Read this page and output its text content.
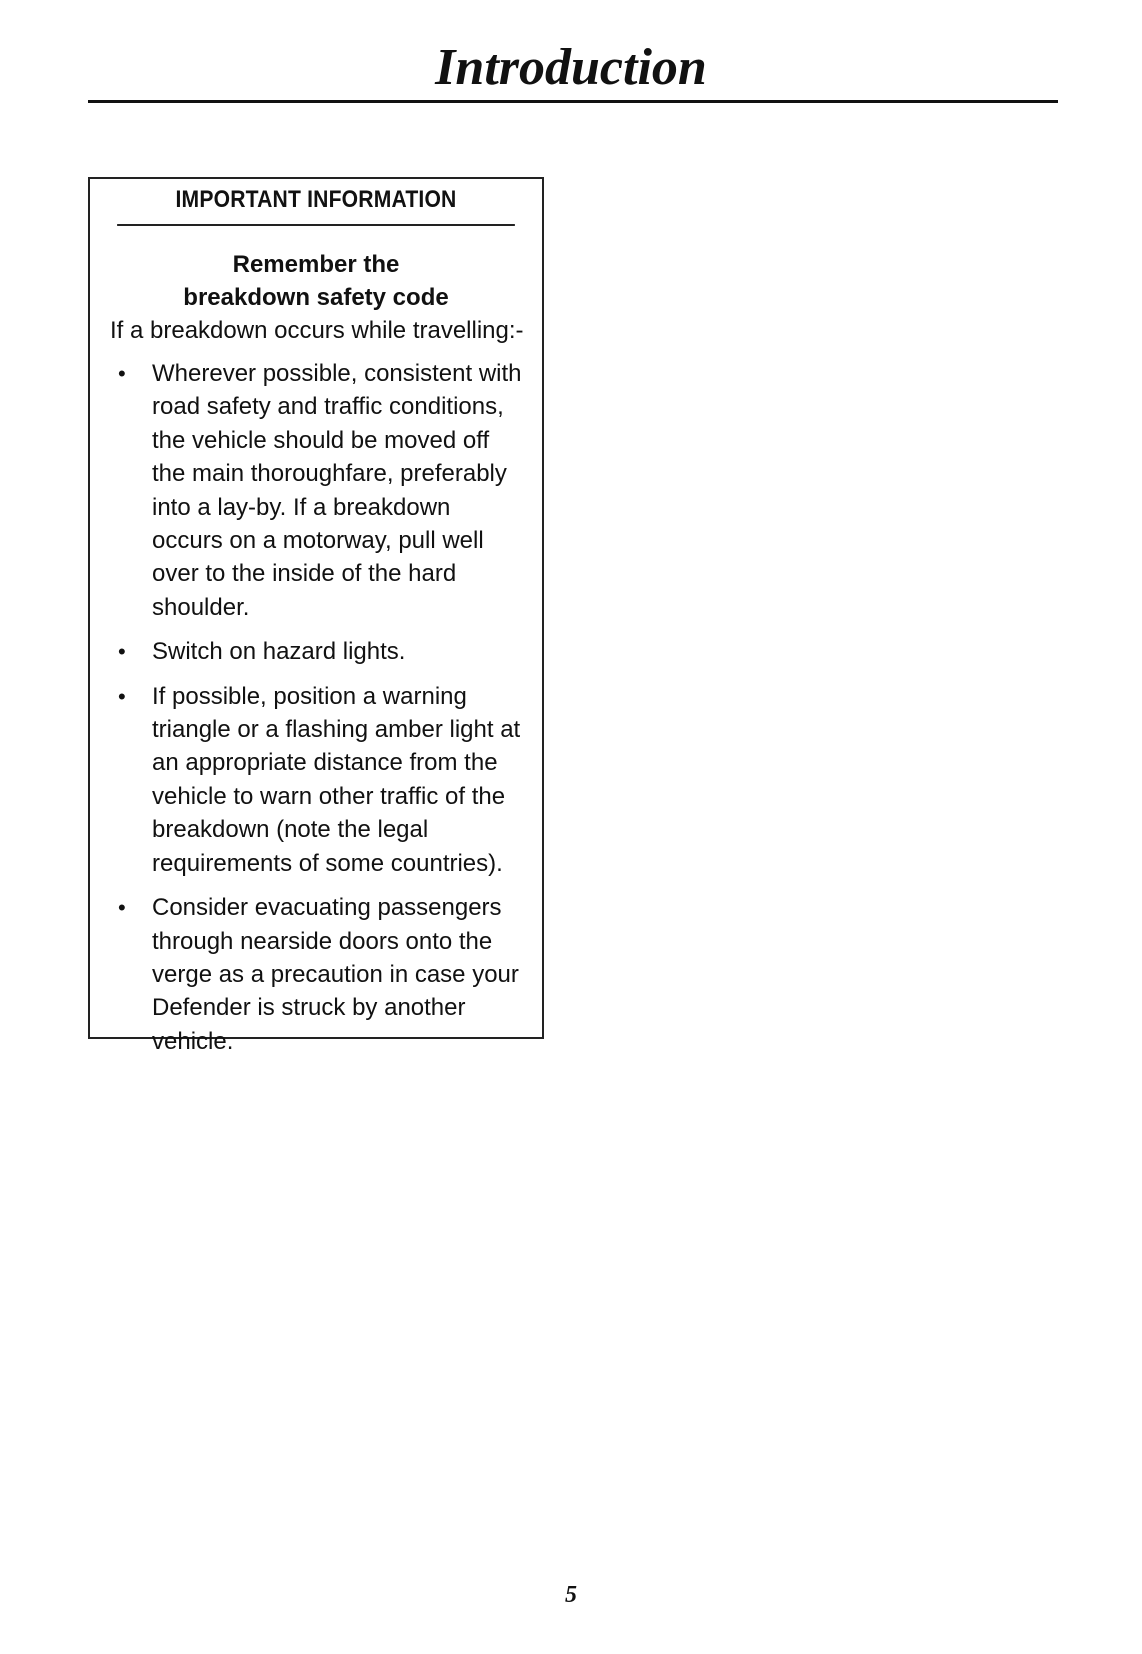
Introduction
IMPORTANT INFORMATION
Remember the breakdown safety code

If a breakdown occurs while travelling:-

• Wherever possible, consistent with road safety and traffic conditions, the vehicle should be moved off the main thoroughfare, preferably into a lay-by. If a breakdown occurs on a motorway, pull well over to the inside of the hard shoulder.
• Switch on hazard lights.
• If possible, position a warning triangle or a flashing amber light at an appropriate distance from the vehicle to warn other traffic of the breakdown (note the legal requirements of some countries).
• Consider evacuating passengers through nearside doors onto the verge as a precaution in case your Defender is struck by another vehicle.
5
